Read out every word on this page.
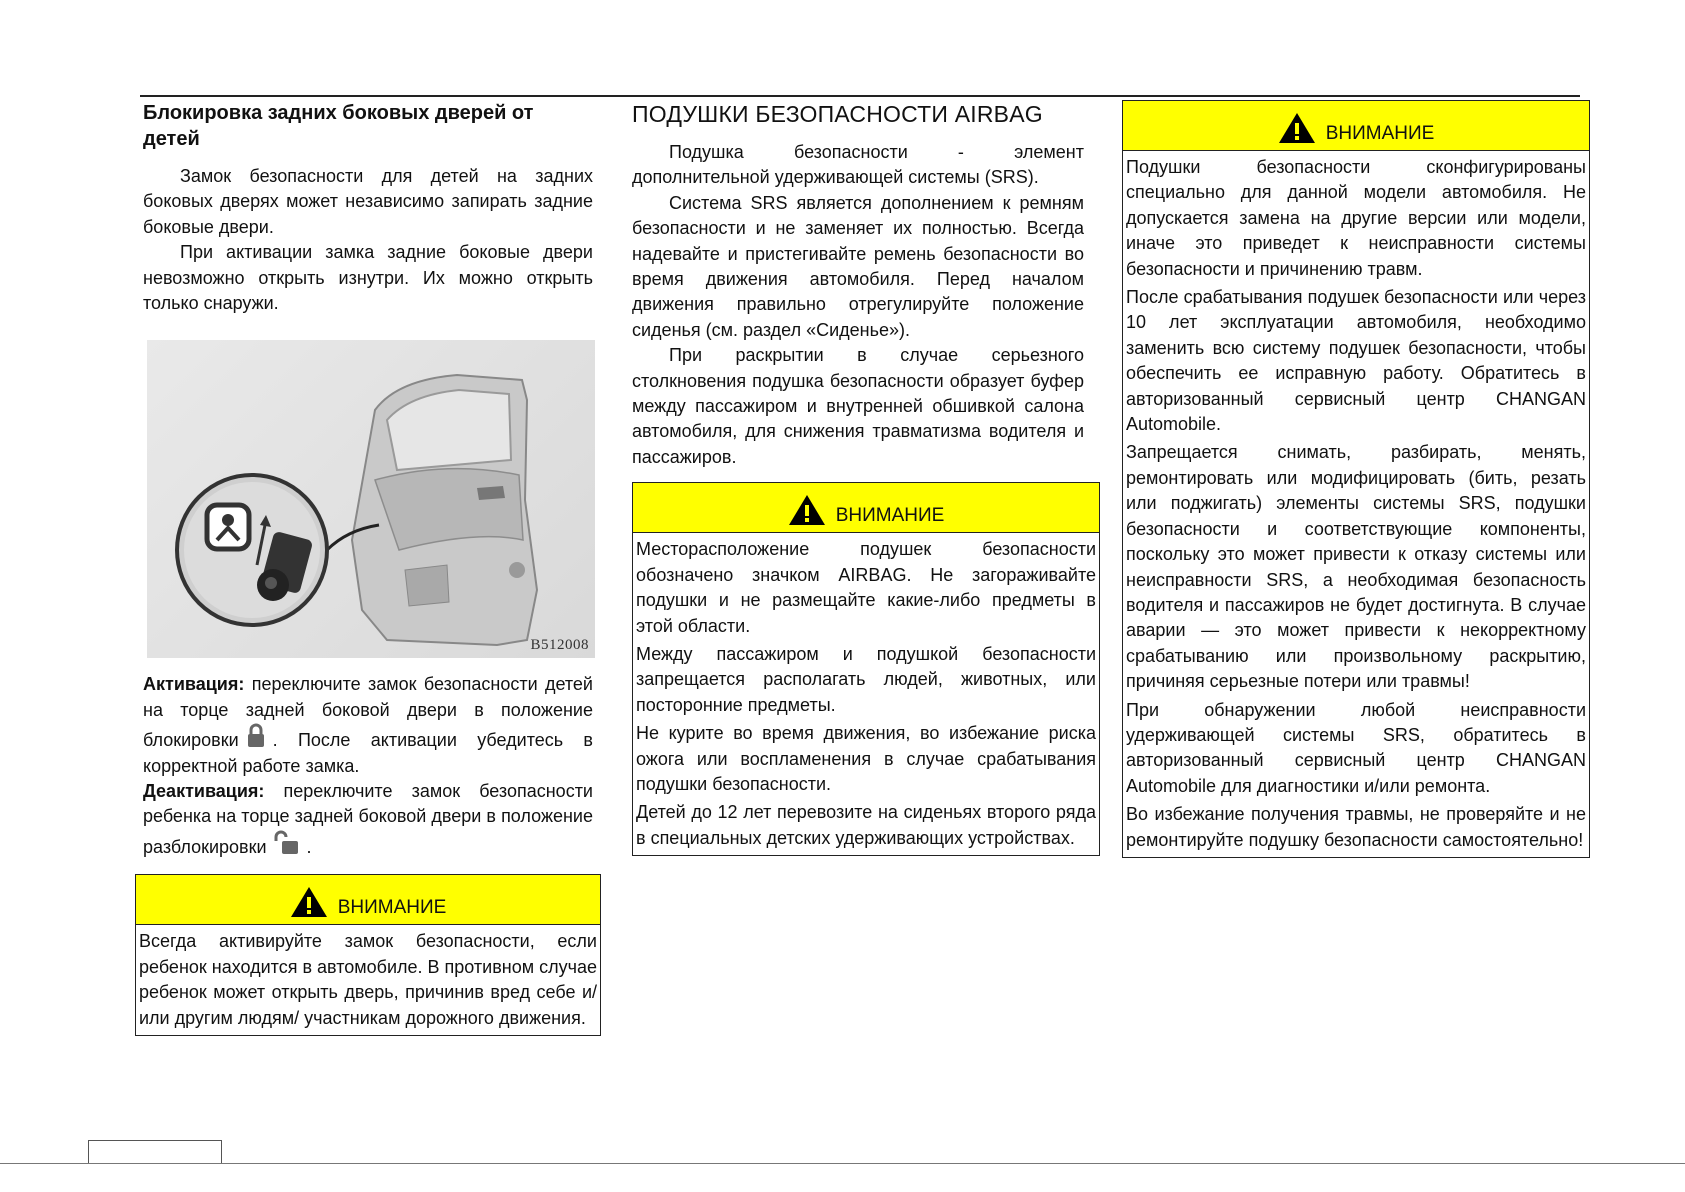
Блокировка задних боковых дверей от детей

Замок безопасности для детей на задних боковых дверях может независимо запирать задние боковые двери.

При активации замка задние боковые двери невозможно открыть изнутри. Их можно открыть только снаружи.

B512008

Активация: переключите замок безопасности детей на торце задней боковой двери в положение блокировки . После активации убедитесь в корректной работе замка.

Деактивация: переключите замок безопасности ребенка на торце задней боковой двери в положение разблокировки .

ВНИМАНИЕ

Всегда активируйте замок безопасности, если ребенок находится в автомобиле. В противном случае ребенок может открыть дверь, причинив вред себе и/или другим людям/ участникам дорожного движения.

ПОДУШКИ БЕЗОПАСНОСТИ AIRBAG

Подушка безопасности - элемент дополнительной удерживающей системы (SRS).

Система SRS является дополнением к ремням безопасности и не заменяет их полностью. Всегда надевайте и пристегивайте ремень безопасности во время движения автомобиля. Перед началом движения правильно отрегулируйте положение сиденья (см. раздел «Сиденье»).

При раскрытии в случае серьезного столкновения подушка безопасности образует буфер между пассажиром и внутренней обшивкой салона автомобиля, для снижения травматизма водителя и пассажиров.

ВНИМАНИЕ

Месторасположение подушек безопасности обозначено значком AIRBAG. Не загораживайте подушки и не размещайте какие-либо предметы в этой области.

Между пассажиром и подушкой безопасности запрещается располагать людей, животных, или посторонние предметы.

Не курите во время движения, во избежание риска ожога или воспламенения в случае срабатывания подушки безопасности.

Детей до 12 лет перевозите на сиденьях второго ряда в специальных детских удерживающих устройствах.

ВНИМАНИЕ

Подушки безопасности сконфигурированы специально для данной модели автомобиля. Не допускается замена на другие версии или модели, иначе это приведет к неисправности системы безопасности и причинению травм.

После срабатывания подушек безопасности или через 10 лет эксплуатации автомобиля, необходимо заменить всю систему подушек безопасности, чтобы обеспечить ее исправную работу. Обратитесь в авторизованный сервисный центр CHANGAN Automobile.

Запрещается снимать, разбирать, менять, ремонтировать или модифицировать (бить, резать или поджигать) элементы системы SRS, подушки безопасности и соответствующие компоненты, поскольку это может привести к отказу системы или неисправности SRS, а необходимая безопасность водителя и пассажиров не будет достигнута. В случае аварии — это может привести к некорректному срабатыванию или произвольному раскрытию, причиняя серьезные потери или травмы!

При обнаружении любой неисправности удерживающей системы SRS, обратитесь в авторизованный сервисный центр CHANGAN Automobile для диагностики и/или ремонта.

Во избежание получения травмы, не проверяйте и не ремонтируйте подушку безопасности самостоятельно!
